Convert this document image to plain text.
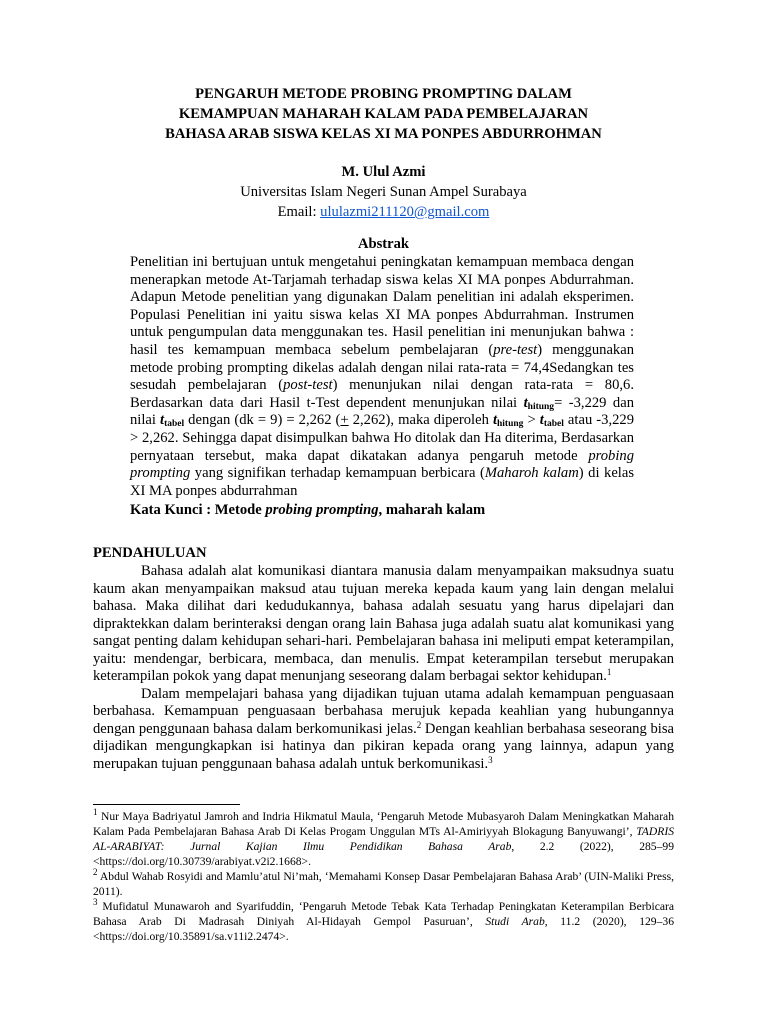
PENGARUH METODE PROBING PROMPTING DALAM
KEMAMPUAN MAHARAH KALAM PADA PEMBELAJARAN
BAHASA ARAB SISWA KELAS XI MA PONPES ABDURROHMAN

M. Ulul Azmi
Universitas Islam Negeri Sunan Ampel Surabaya
Email: ululazmi211120@gmail.com
Abstrak

Penelitian ini bertujuan untuk mengetahui peningkatan kemampuan membaca dengan menerapkan metode At-Tarjamah terhadap siswa kelas XI MA ponpes Abdurrahman. Adapun Metode penelitian yang digunakan Dalam penelitian ini adalah eksperimen. Populasi Penelitian ini yaitu siswa kelas XI MA ponpes Abdurrahman. Instrumen untuk pengumpulan data menggunakan tes. Hasil penelitian ini menunjukan bahwa : hasil tes kemampuan membaca sebelum pembelajaran (pre-test) menggunakan metode probing prompting dikelas adalah dengan nilai rata-rata = 74,4Sedangkan tes sesudah pembelajaran (post-test) menunjukan nilai dengan rata-rata = 80,6. Berdasarkan data dari Hasil t-Test dependent menunjukan nilai $t_{hitung}= -3,229$ dan nilai $t_{tabel}$ dengan (dk = 9) = 2,262 (+ 2,262), maka diperoleh $t_{hitung} > t_{tabel}$ atau -3,229 > 2,262. Sehingga dapat disimpulkan bahwa Ho ditolak dan Ha diterima, Berdasarkan pernyataan tersebut, maka dapat dikatakan adanya pengaruh metode probing prompting yang signifikan terhadap kemampuan berbicara (Maharoh kalam) di kelas XI MA ponpes abdurrahman

Kata Kunci : Metode probing prompting, maharah kalam
PENDAHULUAN

Bahasa adalah alat komunikasi diantara manusia dalam menyampaikan maksudnya suatu kaum akan menyampaikan maksud atau tujuan mereka kepada kaum yang lain dengan melalui bahasa. Maka dilihat dari kedudukannya, bahasa adalah sesuatu yang harus dipelajari dan dipraktekkan dalam berinteraksi dengan orang lain Bahasa juga adalah suatu alat komunikasi yang sangat penting dalam kehidupan sehari-hari. Pembelajaran bahasa ini meliputi empat keterampilan, yaitu: mendengar, berbicara, membaca, dan menulis. Empat keterampilan tersebut merupakan keterampilan pokok yang dapat menunjang seseorang dalam berbagai sektor kehidupan.$^1$

Dalam mempelajari bahasa yang dijadikan tujuan utama adalah kemampuan penguasaan berbahasa. Kemampuan penguasaan berbahasa merujuk kepada keahlian yang hubungannya dengan penggunaan bahasa dalam berkomunikasi jelas.$^2$ Dengan keahlian berbahasa seseorang bisa dijadikan mengungkapkan isi hatinya dan pikiran kepada orang yang lainnya, adapun yang merupakan tujuan penggunaan bahasa adalah untuk berkomunikasi.$^3$

$^1$ Nur Maya Badriyatul Jamroh and Indria Hikmatul Maula, ‘Pengaruh Metode Mubasyaroh Dalam Meningkatkan Maharah Kalam Pada Pembelajaran Bahasa Arab Di Kelas Progam Unggulan MTs Al-Amiriyyah Blokagung Banyuwangi’, TADRIS AL-ARABIYAT: Jurnal Kajian Ilmu Pendidikan Bahasa Arab, 2.2 (2022), 285–99 <https://doi.org/10.30739/arabiyat.v2i2.1668>.

$^2$ Abdul Wahab Rosyidi and Mamlu’atul Ni’mah, ‘Memahami Konsep Dasar Pembelajaran Bahasa Arab’ (UIN-Maliki Press, 2011).

$^3$ Mufidatul Munawaroh and Syarifuddin, ‘Pengaruh Metode Tebak Kata Terhadap Peningkatan Keterampilan Berbicara Bahasa Arab Di Madrasah Diniyah Al-Hidayah Gempol Pasuruan’, Studi Arab, 11.2 (2020), 129–36 <https://doi.org/10.35891/sa.v11i2.2474>.
